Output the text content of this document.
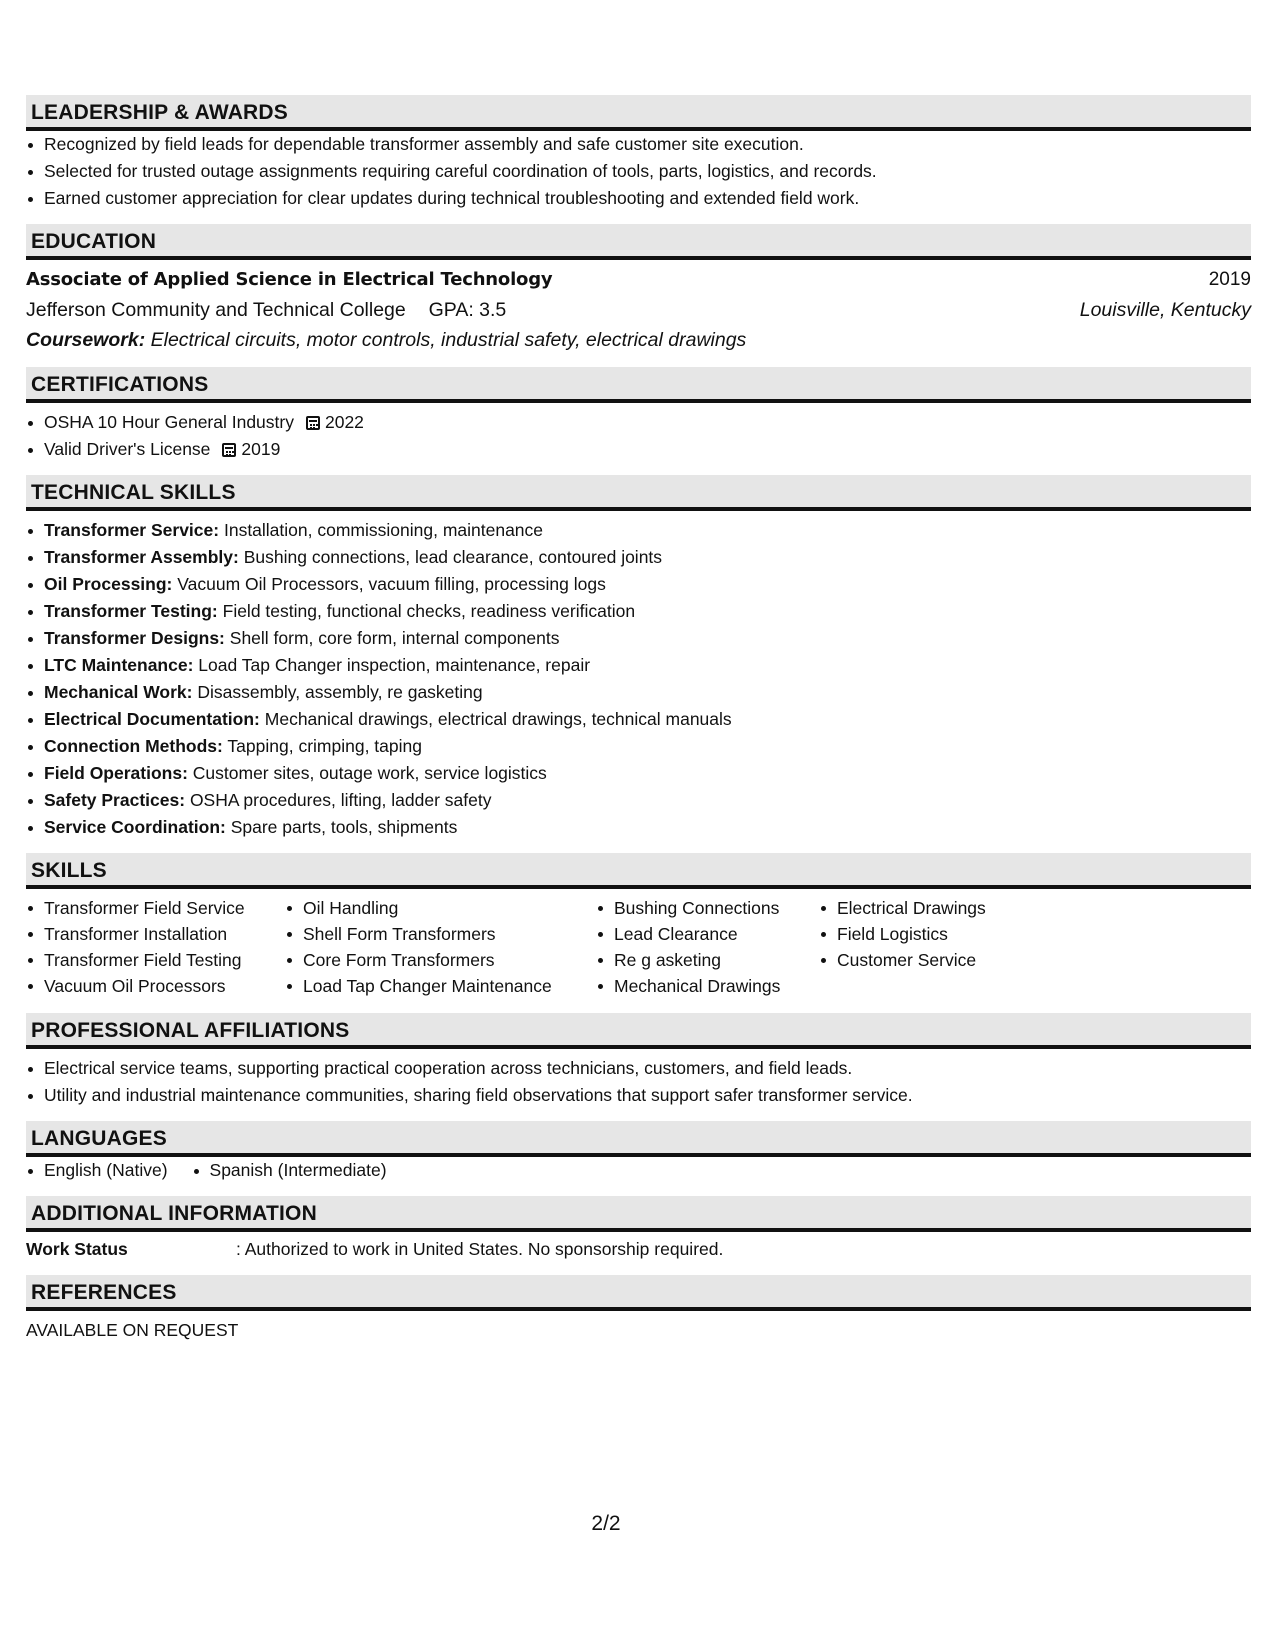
LEADERSHIP & AWARDS
Recognized by field leads for dependable transformer assembly and safe customer site execution.
Selected for trusted outage assignments requiring careful coordination of tools, parts, logistics, and records.
Earned customer appreciation for clear updates during technical troubleshooting and extended field work.
EDUCATION
Associate of Applied Science in Electrical Technology	2019
Jefferson Community and Technical College GPA: 3.5	Louisville, Kentucky
Coursework: Electrical circuits, motor controls, industrial safety, electrical drawings
CERTIFICATIONS
OSHA 10 Hour General Industry 2022
Valid Driver's License 2019
TECHNICAL SKILLS
Transformer Service: Installation, commissioning, maintenance
Transformer Assembly: Bushing connections, lead clearance, contoured joints
Oil Processing: Vacuum Oil Processors, vacuum filling, processing logs
Transformer Testing: Field testing, functional checks, readiness verification
Transformer Designs: Shell form, core form, internal components
LTC Maintenance: Load Tap Changer inspection, maintenance, repair
Mechanical Work: Disassembly, assembly, re gasketing
Electrical Documentation: Mechanical drawings, electrical drawings, technical manuals
Connection Methods: Tapping, crimping, taping
Field Operations: Customer sites, outage work, service logistics
Safety Practices: OSHA procedures, lifting, ladder safety
Service Coordination: Spare parts, tools, shipments
SKILLS
Transformer Field Service
Transformer Installation
Transformer Field Testing
Vacuum Oil Processors
Oil Handling
Shell Form Transformers
Core Form Transformers
Load Tap Changer Maintenance
Bushing Connections
Lead Clearance
Re g asketing
Mechanical Drawings
Electrical Drawings
Field Logistics
Customer Service
PROFESSIONAL AFFILIATIONS
Electrical service teams, supporting practical cooperation across technicians, customers, and field leads.
Utility and industrial maintenance communities, sharing field observations that support safer transformer service.
LANGUAGES
English (Native)	Spanish (Intermediate)
ADDITIONAL INFORMATION
Work Status	: Authorized to work in United States. No sponsorship required.
REFERENCES
AVAILABLE ON REQUEST
2/2
